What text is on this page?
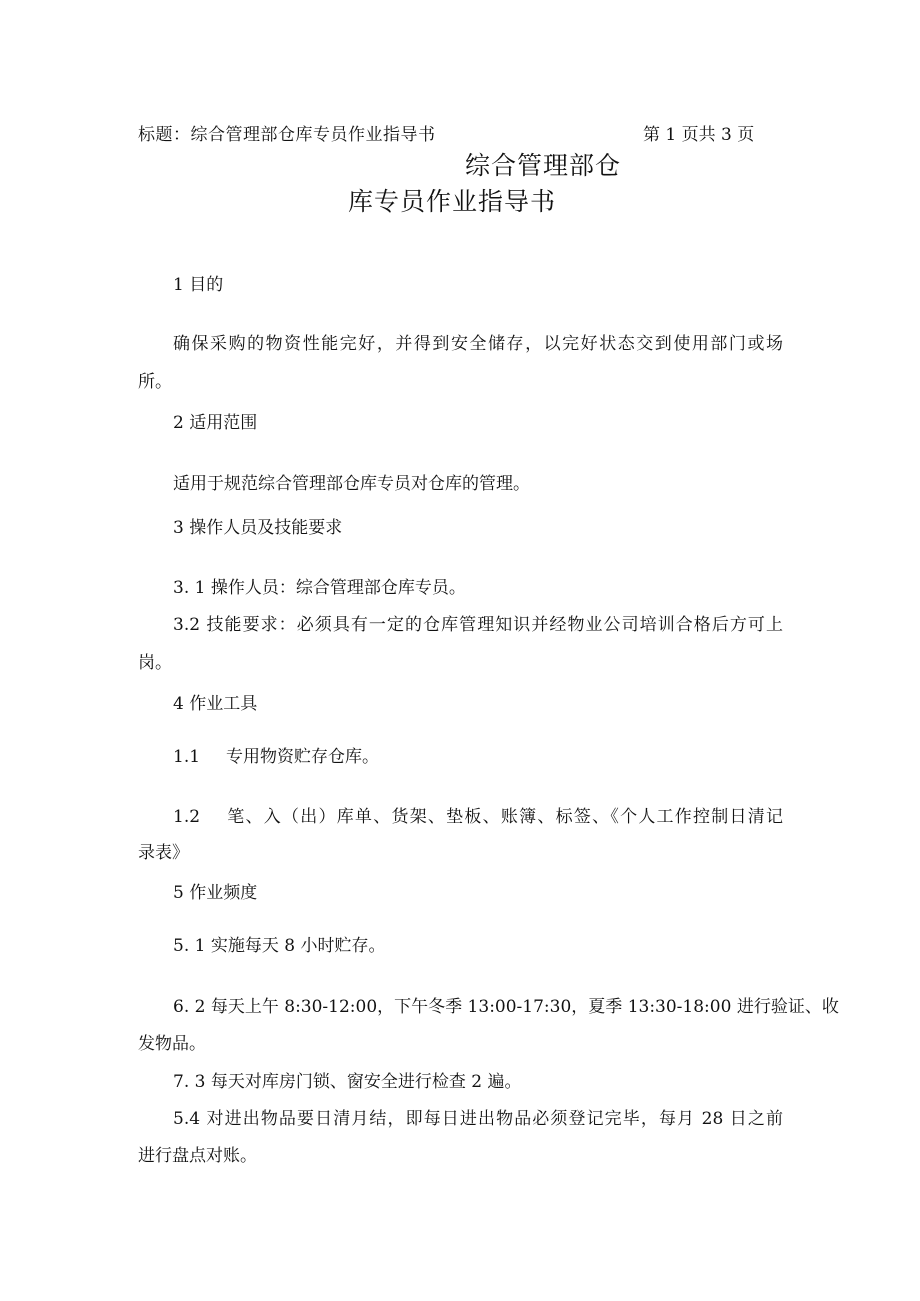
标题：综合管理部仓库专员作业指导书	第 1 页共 3 页
综合管理部仓
库专员作业指导书
1 目的
确保采购的物资性能完好，并得到安全储存，以完好状态交到使用部门或场
所。
2 适用范围
适用于规范综合管理部仓库专员对仓库的管理。
3 操作人员及技能要求
3. 1 操作人员：综合管理部仓库专员。
3.2 技能要求：必须具有一定的仓库管理知识并经物业公司培训合格后方可上
岗。
4 作业工具
1.1 专用物资贮存仓库。
1.2 笔、入（出）库单、货架、垫板、账簿、标签、《个人工作控制日清记
录表》
5 作业频度
5. 1 实施每天 8 小时贮存。
6. 2 每天上午 8:30-12:00，下午冬季 13:00-17:30，夏季 13:30-18:00 进行验证、收
发物品。
7. 3 每天对库房门锁、窗安全进行检查 2 遍。
5.4 对进出物品要日清月结，即每日进出物品必须登记完毕，每月 28 日之前
进行盘点对账。
